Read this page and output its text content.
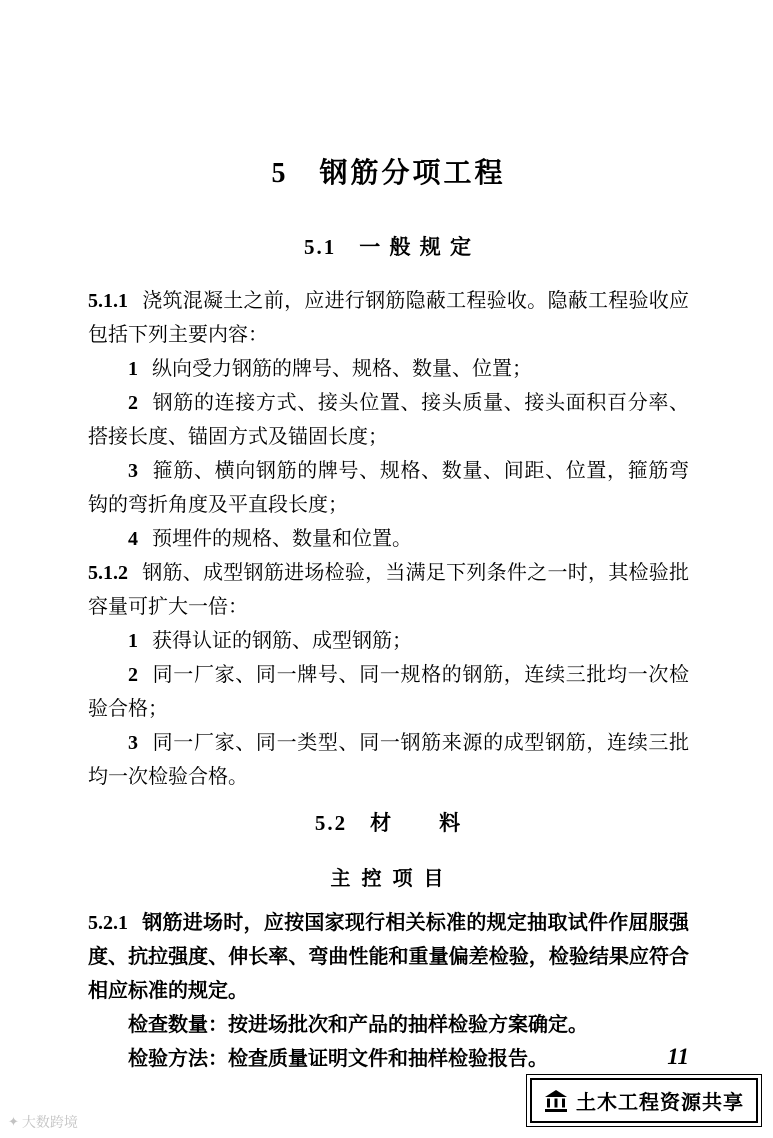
5　钢筋分项工程
5.1　一 般 规 定

5.1.1 浇筑混凝土之前，应进行钢筋隐蔽工程验收。隐蔽工程验收应包括下列主要内容：

1 纵向受力钢筋的牌号、规格、数量、位置；

2 钢筋的连接方式、接头位置、接头质量、接头面积百分率、搭接长度、锚固方式及锚固长度；

3 箍筋、横向钢筋的牌号、规格、数量、间距、位置，箍筋弯钩的弯折角度及平直段长度；

4 预埋件的规格、数量和位置。

5.1.2 钢筋、成型钢筋进场检验，当满足下列条件之一时，其检验批容量可扩大一倍：

1 获得认证的钢筋、成型钢筋；

2 同一厂家、同一牌号、同一规格的钢筋，连续三批均一次检验合格；

3 同一厂家、同一类型、同一钢筋来源的成型钢筋，连续三批均一次检验合格。

5.2　材　　料
主 控 项 目

5.2.1 钢筋进场时，应按国家现行相关标准的规定抽取试件作屈服强度、抗拉强度、伸长率、弯曲性能和重量偏差检验，检验结果应符合相应标准的规定。

检查数量：按进场批次和产品的抽样检验方案确定。

检验方法：检查质量证明文件和抽样检验报告。	11
土木工程资源共享
✦ 大数跨境
